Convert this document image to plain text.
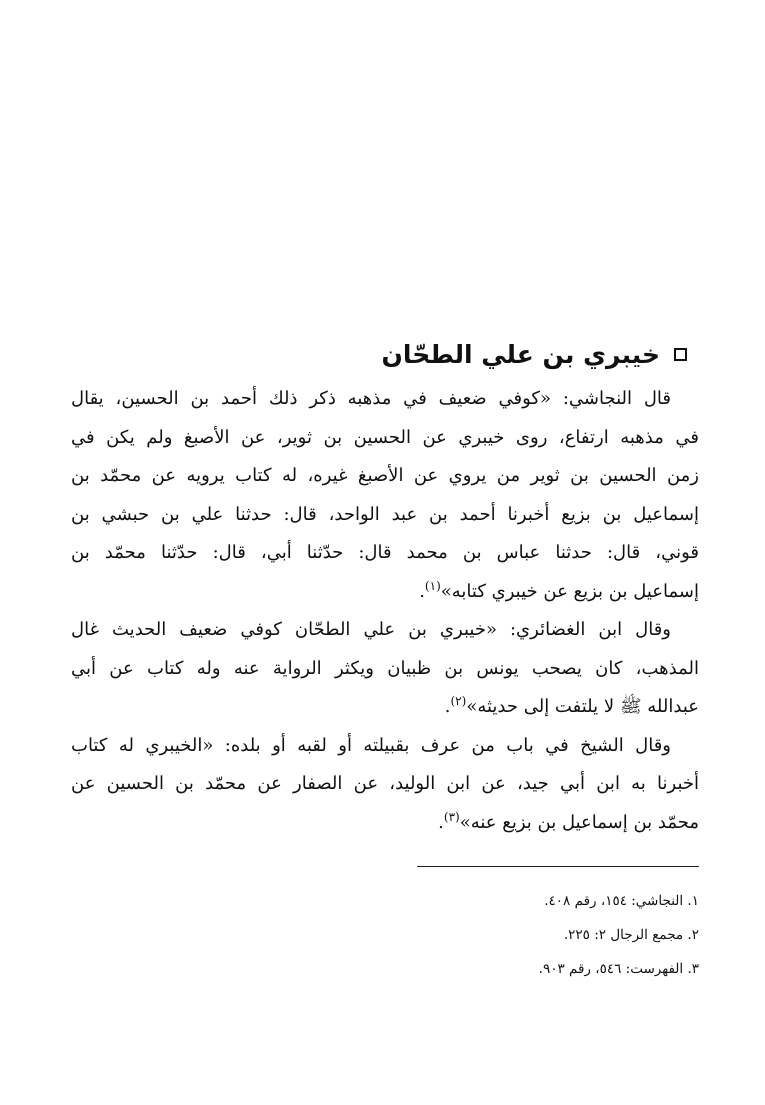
خيبري بن علي الطحّان
قال النجاشي: «كوفي ضعيف في مذهبه ذكر ذلك أحمد بن الحسين، يقال
في مذهبه ارتفاع، روى خيبري عن الحسين بن ثوير، عن الأصبغ ولم يكن في
زمن الحسين بن ثوير من يروي عن الأصبغ غيره، له كتاب يرويه عن محمّد بن
إسماعيل بن بزيع أخبرنا أحمد بن عبد الواحد، قال: حدثنا علي بن حبشي بن
قوني، قال: حدثنا عباس بن محمد قال: حدّثنا أبي، قال: حدّثنا محمّد بن
إسماعيل بن بزيع عن خيبري كتابه»$^{(١)}$.
وقال ابن الغضائري: «خيبري بن علي الطحّان كوفي ضعيف الحديث غال
المذهب، كان يصحب يونس بن ظبيان ويكثر الرواية عنه وله كتاب عن أبي
عبدالله ﷺ لا يلتفت إلى حديثه»$^{(٢)}$.
وقال الشيخ في باب من عرف بقبيلته أو لقبه أو بلده: «الخيبري له كتاب
أخبرنا به ابن أبي جيد، عن ابن الوليد، عن الصفار عن محمّد بن الحسين عن
محمّد بن إسماعيل بن بزيع عنه»$^{(٣)}$.
١. النجاشي: ١٥٤، رقم ٤٠٨.
٢. مجمع الرجال ٢: ٢٢٥.
٣. الفهرست: ٥٤٦، رقم ٩٠٣.
